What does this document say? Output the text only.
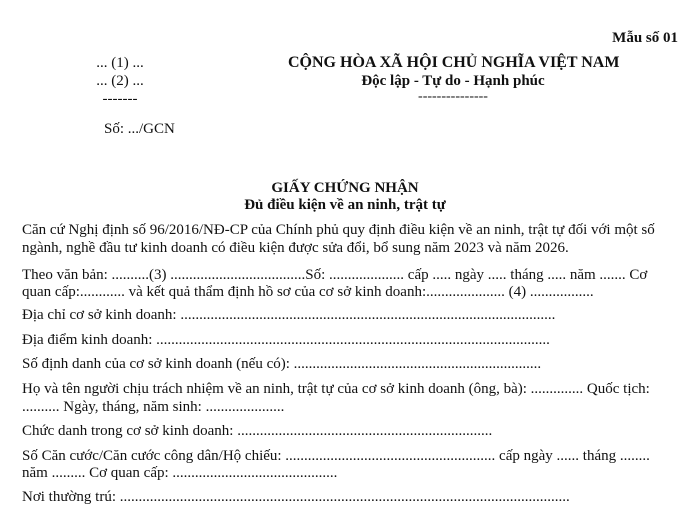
Mẫu số 01
... (1) ...
... (2) ...
-------
Số: .../GCN
CỘNG HÒA XÃ HỘI CHỦ NGHĨA VIỆT NAM
Độc lập - Tự do - Hạnh phúc
---------------
GIẤY CHỨNG NHẬN
Đủ điều kiện về an ninh, trật tự
Căn cứ Nghị định số 96/2016/NĐ-CP của Chính phủ quy định điều kiện về an ninh, trật tự đối với một số
ngành, nghề đầu tư kinh doanh có điều kiện được sửa đổi, bổ sung năm 2023 và năm 2026.
Theo văn bản: ..........(3) ....................................Số: .................... cấp ..... ngày ..... tháng ..... năm ....... Cơ
quan cấp:............ và kết quả thẩm định hồ sơ của cơ sở kinh doanh:..................... (4) .................
Địa chỉ cơ sở kinh doanh: ....................................................................................................
Địa điểm kinh doanh: .........................................................................................................
Số định danh của cơ sở kinh doanh (nếu có): ..................................................................
Họ và tên người chịu trách nhiệm về an ninh, trật tự của cơ sở kinh doanh (ông, bà): .............. Quốc tịch:
.......... Ngày, tháng, năm sinh: .....................
Chức danh trong cơ sở kinh doanh: ....................................................................
Số Căn cước/Căn cước công dân/Hộ chiếu: ........................................................ cấp ngày ...... tháng ........
năm ......... Cơ quan cấp: ............................................
Nơi thường trú: ........................................................................................................................
